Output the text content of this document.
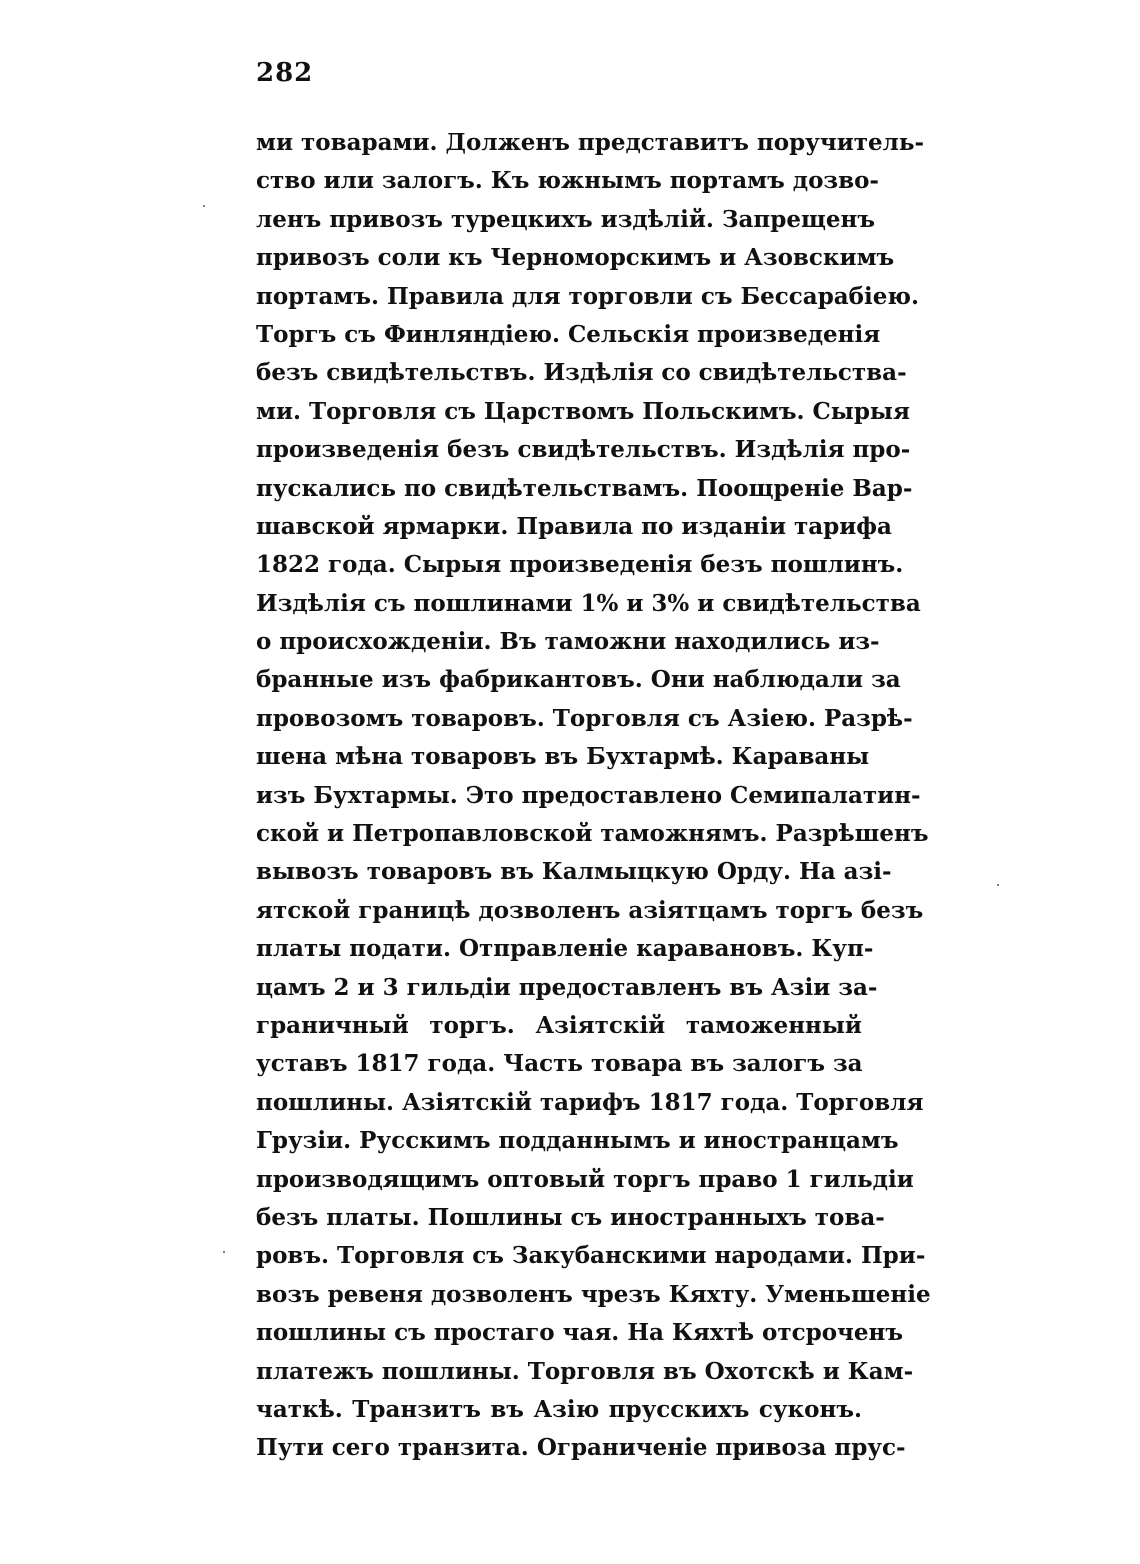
282
ми товарами. Долженъ представитъ поручитель-
ство или залогъ. Къ южнымъ портамъ дозво-
ленъ привозъ турецкихъ издѣлій. Запрещенъ
привозъ соли къ Черноморскимъ и Азовскимъ
портамъ. Правила для торговли съ Бессарабіею.
Торгъ съ Финляндіею. Сельскія произведенія
безъ свидѣтельствъ. Издѣлія со свидѣтельства-
ми. Торговля съ Царствомъ Польскимъ. Сырыя
произведенія безъ свидѣтельствъ. Издѣлія про-
пускались по свидѣтельствамъ. Поощреніе Вар-
шавской ярмарки. Правила по изданіи тарифа
1822 года. Сырыя произведенія безъ пошлинъ.
Издѣлія съ пошлинами 1% и 3% и свидѣтельства
о происхожденіи. Въ таможни находились из-
бранные изъ фабрикантовъ. Они наблюдали за
провозомъ товаровъ. Торговля съ Азіею. Разрѣ-
шена мѣна товаровъ въ Бухтармѣ. Караваны
изъ Бухтармы. Это предоставлено Семипалатин-
ской и Петропавловской таможнямъ. Разрѣшенъ
вывозъ товаровъ въ Калмыцкую Орду. На азі-
ятской границѣ дозволенъ азіятцамъ торгъ безъ
платы подати. Отправленіе каравановъ. Куп-
цамъ 2 и 3 гильдіи предоставленъ въ Азіи за-
граничный торгъ. Азіятскій таможенный
уставъ 1817 года. Часть товара въ залогъ за
пошлины. Азіятскій тарифъ 1817 года. Торговля
Грузіи. Русскимъ подданнымъ и иностранцамъ
производящимъ оптовый торгъ право 1 гильдіи
безъ платы. Пошлины съ иностранныхъ това-
ровъ. Торговля съ Закубанскими народами. При-
возъ ревеня дозволенъ чрезъ Кяхту. Уменьшеніе
пошлины съ простаго чая. На Кяхтѣ отсроченъ
платежъ пошлины. Торговля въ Охотскѣ и Кам-
чаткѣ. Транзитъ въ Азію прусскихъ суконъ.
Пути сего транзита. Ограниченіе привоза прус-
